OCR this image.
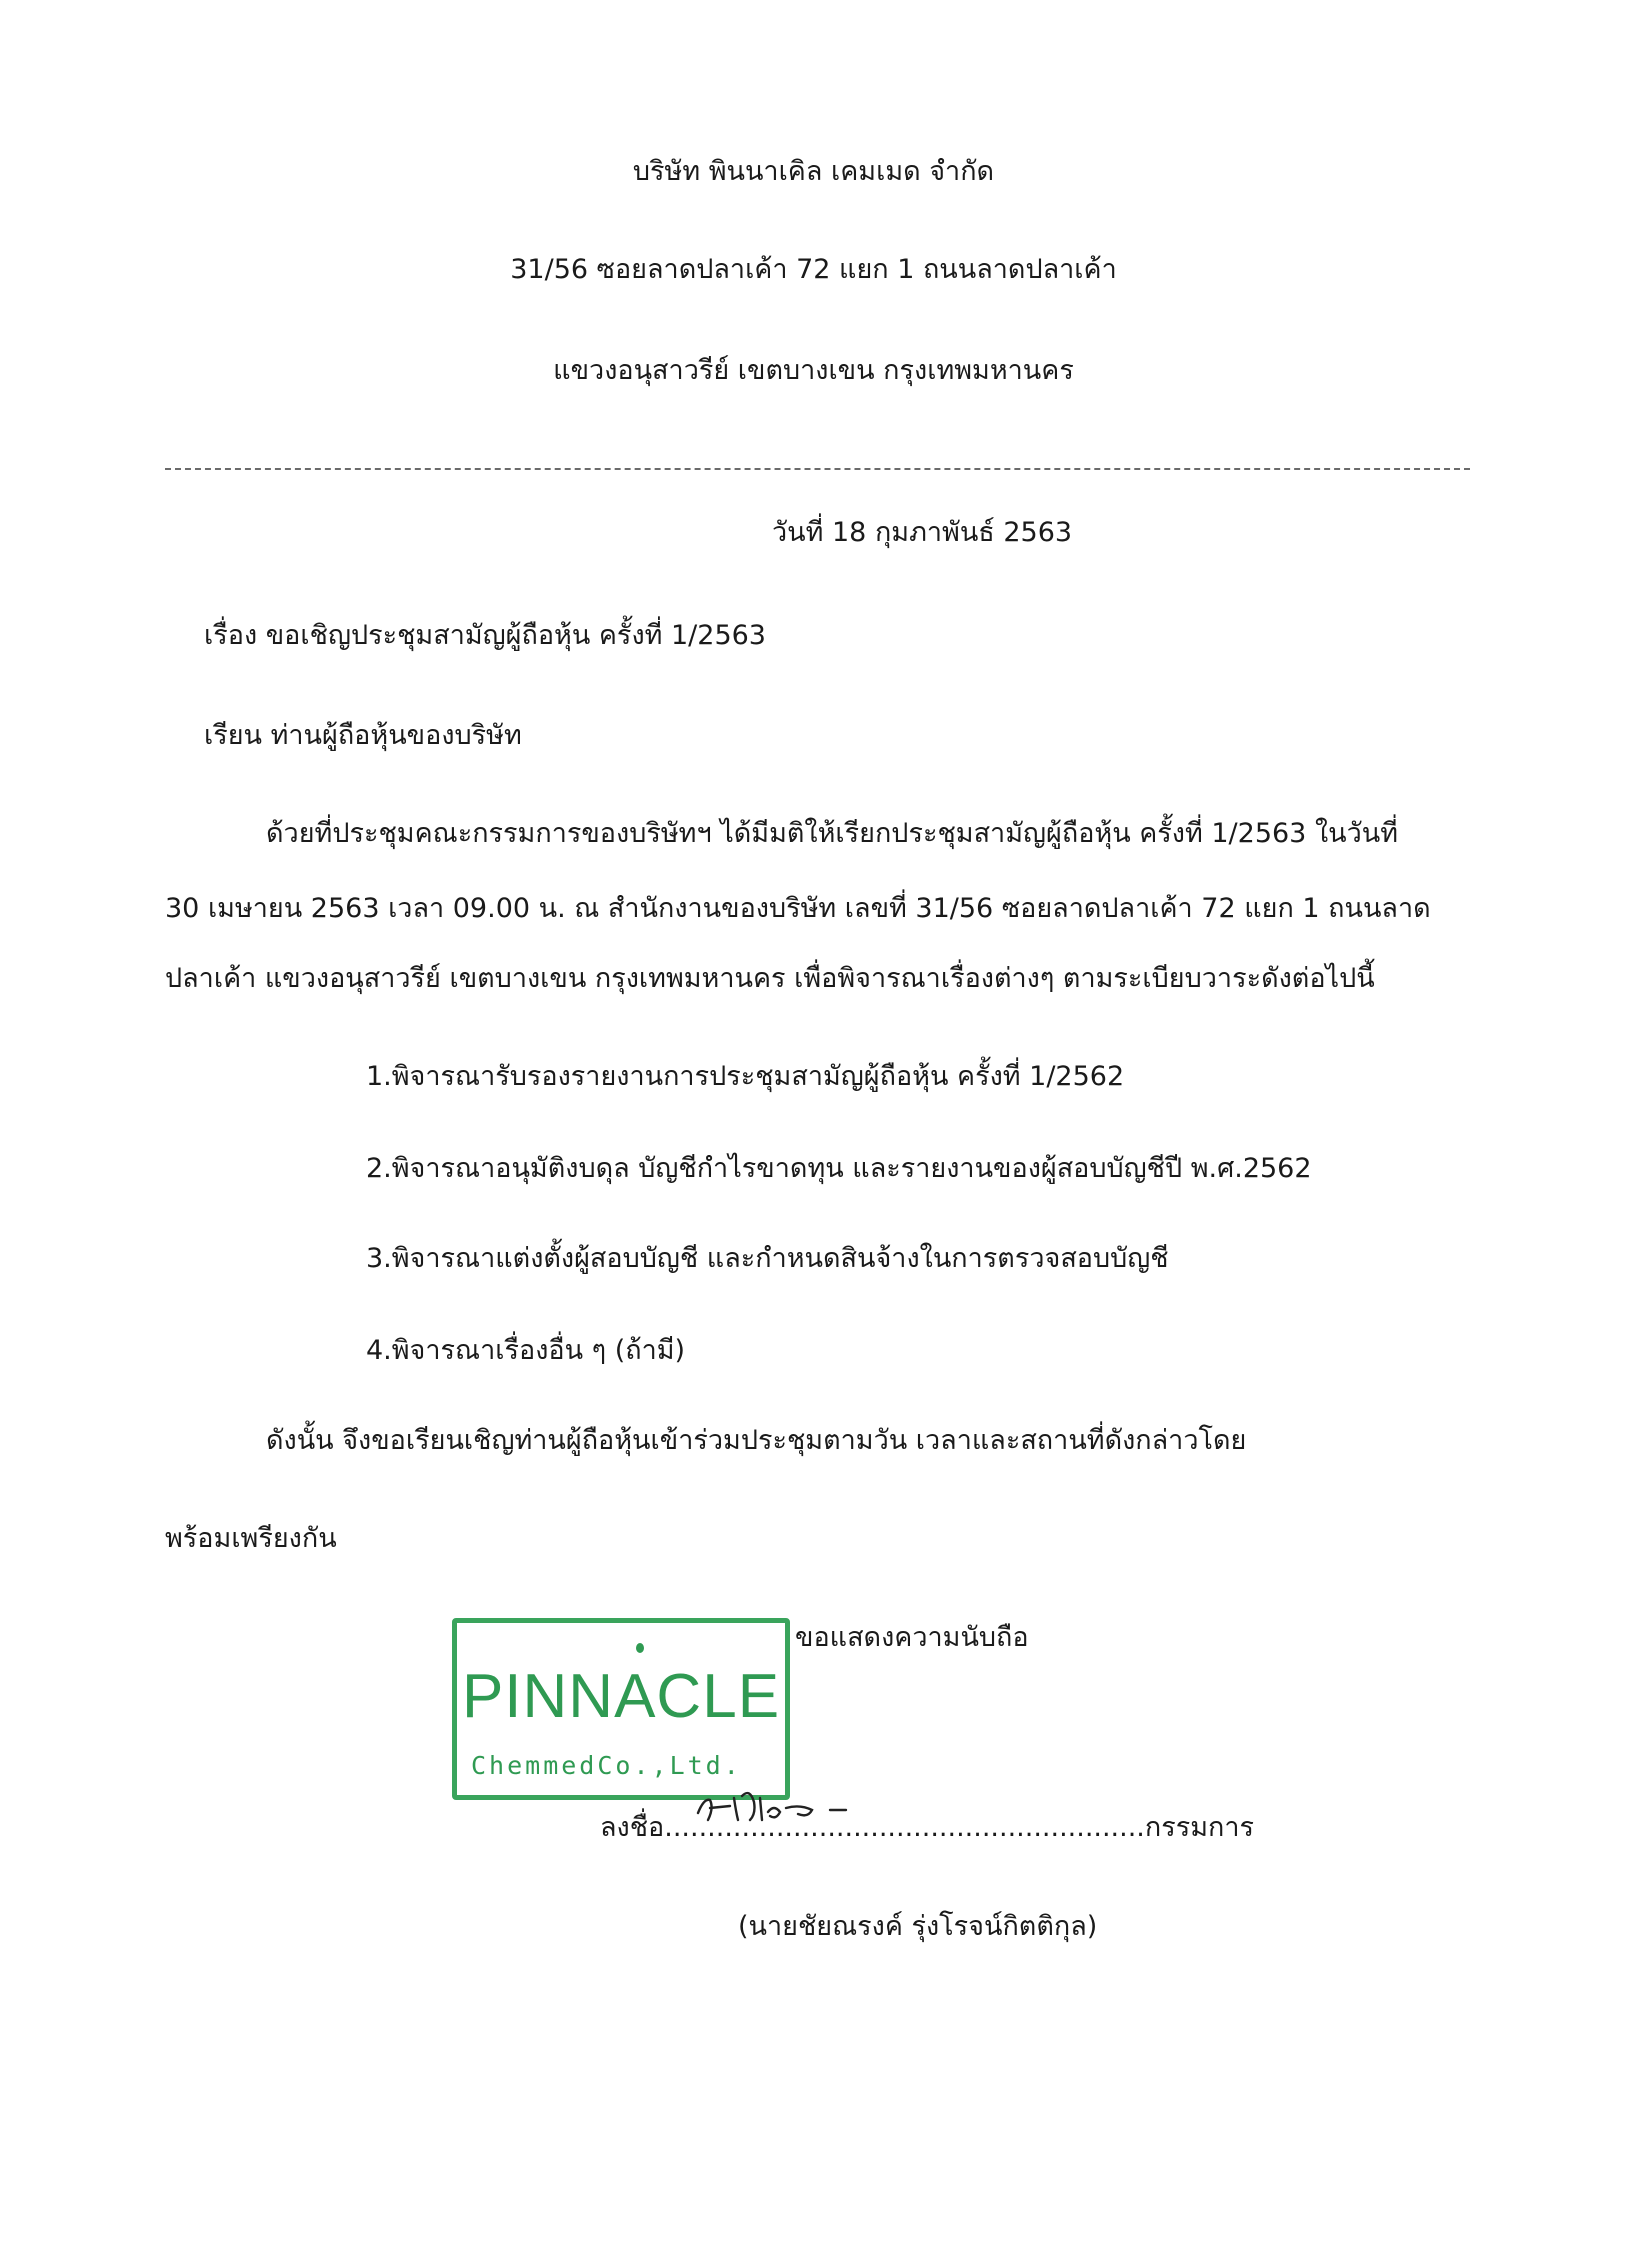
บริษัท พินนาเคิล เคมเมด จำกัด
31/56 ซอยลาดปลาเค้า 72 แยก 1 ถนนลาดปลาเค้า
แขวงอนุสาวรีย์ เขตบางเขน กรุงเทพมหานคร
วันที่ 18 กุมภาพันธ์ 2563
เรื่อง ขอเชิญประชุมสามัญผู้ถือหุ้น ครั้งที่ 1/2563
เรียน ท่านผู้ถือหุ้นของบริษัท
ด้วยที่ประชุมคณะกรรมการของบริษัทฯ ได้มีมติให้เรียกประชุมสามัญผู้ถือหุ้น ครั้งที่ 1/2563 ในวันที่
30 เมษายน 2563 เวลา 09.00 น. ณ สำนักงานของบริษัท เลขที่ 31/56 ซอยลาดปลาเค้า 72 แยก 1 ถนนลาด
ปลาเค้า แขวงอนุสาวรีย์ เขตบางเขน กรุงเทพมหานคร เพื่อพิจารณาเรื่องต่างๆ ตามระเบียบวาระดังต่อไปนี้
1.พิจารณารับรองรายงานการประชุมสามัญผู้ถือหุ้น ครั้งที่ 1/2562
2.พิจารณาอนุมัติงบดุล บัญชีกำไรขาดทุน และรายงานของผู้สอบบัญชีปี พ.ศ.2562
3.พิจารณาแต่งตั้งผู้สอบบัญชี และกำหนดสินจ้างในการตรวจสอบบัญชี
4.พิจารณาเรื่องอื่น ๆ (ถ้ามี)
ดังนั้น จึงขอเรียนเชิญท่านผู้ถือหุ้นเข้าร่วมประชุมตามวัน เวลาและสถานที่ดังกล่าวโดย
พร้อมเพรียงกัน
PINNACLE
ChemmedCo.,Ltd.
ขอแสดงความนับถือ
ลงชื่อ........................................................กรรมการ
(นายชัยณรงค์ รุ่งโรจน์กิตติกุล)
